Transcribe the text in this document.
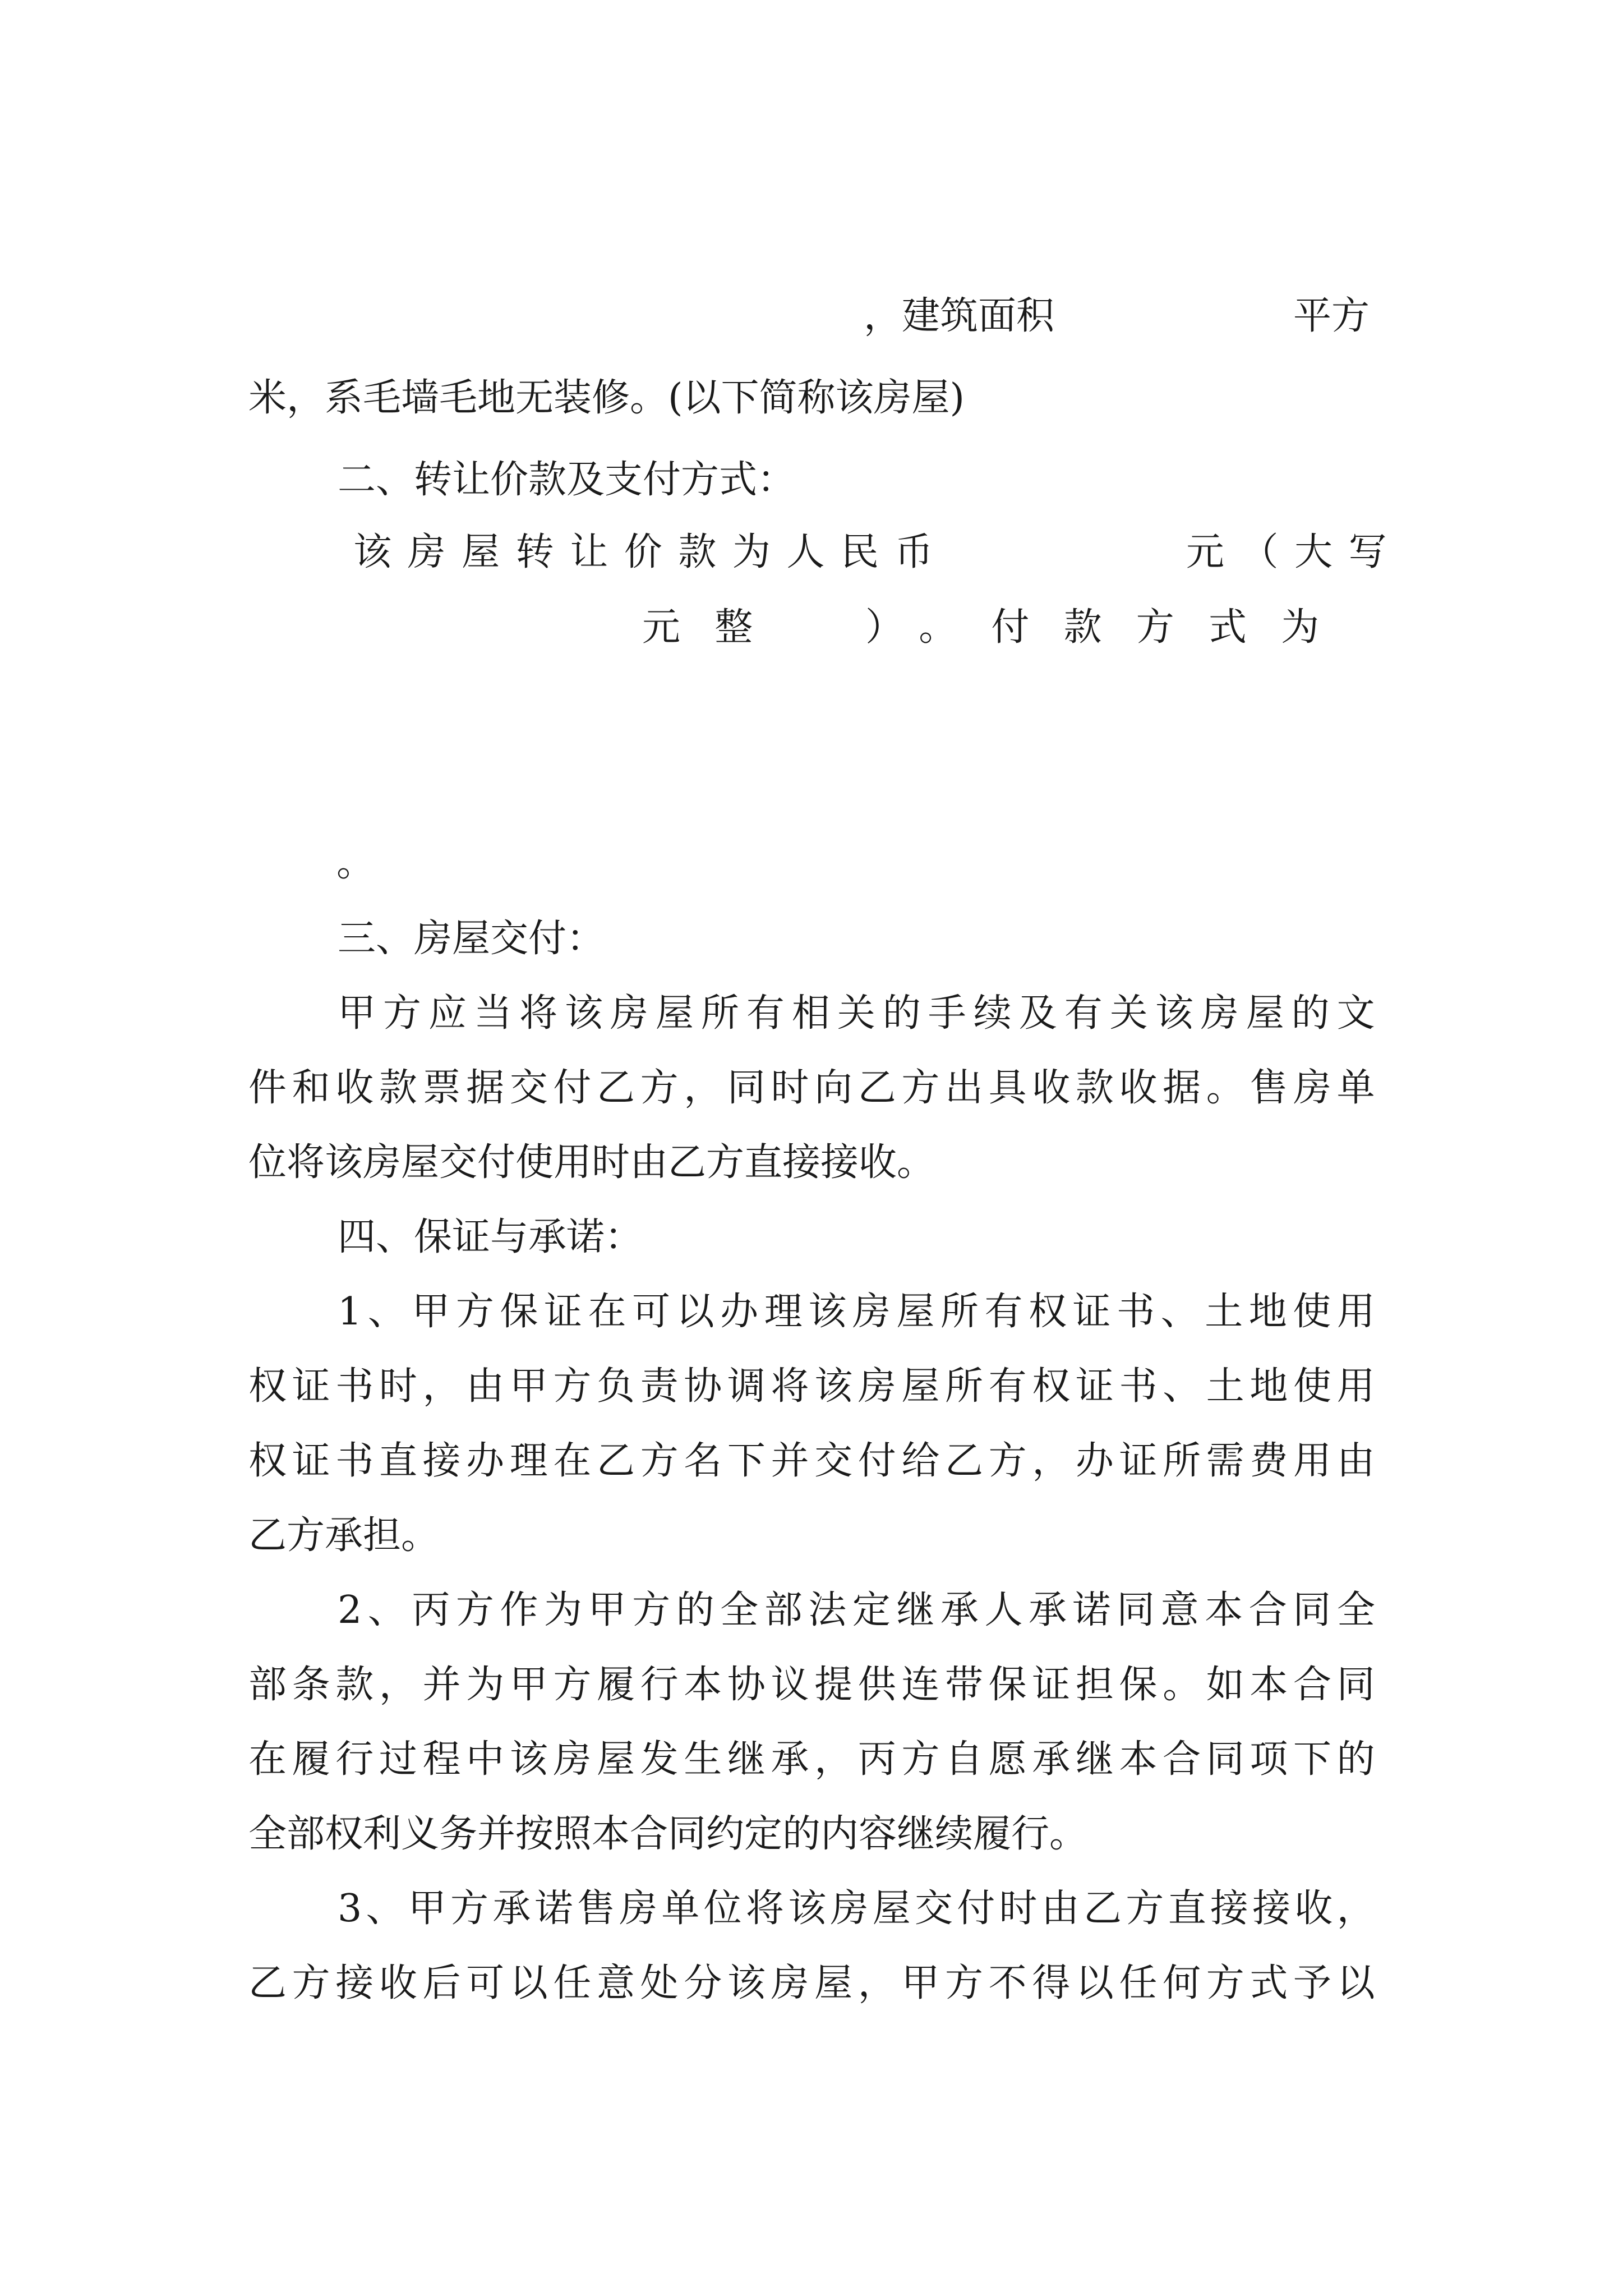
，建筑面积	平方
米，系毛墙毛地无装修。(以下简称该房屋)
二、转让价款及支付方式：
该房屋转让价款为人民币	元（大写
元整 ）。付款方式为
。
三、房屋交付：
甲 方 应 当 将 该 房 屋 所 有 相 关 的 手 续 及 有 关 该 房 屋 的 文
件 和 收 款 票 据 交 付 乙 方 ， 同 时 向 乙 方 出 具 收 款 收 据 。 售 房 单
位将该房屋交付使用时由乙方直接接收。
四、保证与承诺：
1 、 甲 方 保 证 在 可 以 办 理 该 房 屋 所 有 权 证 书 、 土 地 使 用
权 证 书 时 ， 由 甲 方 负 责 协 调 将 该 房 屋 所 有 权 证 书 、 土 地 使 用
权 证 书 直 接 办 理 在 乙 方 名 下 并 交 付 给 乙 方 ， 办 证 所 需 费 用 由
乙方承担。
2 、 丙 方 作 为 甲 方 的 全 部 法 定 继 承 人 承 诺 同 意 本 合 同 全
部 条 款 ， 并 为 甲 方 履 行 本 协 议 提 供 连 带 保 证 担 保 。 如 本 合 同
在 履 行 过 程 中 该 房 屋 发 生 继 承 ， 丙 方 自 愿 承 继 本 合 同 项 下 的
全部权利义务并按照本合同约定的内容继续履行。
3 、 甲 方 承 诺 售 房 单 位 将 该 房 屋 交 付 时 由 乙 方 直 接 接 收 ，
乙 方 接 收 后 可 以 任 意 处 分 该 房 屋 ， 甲 方 不 得 以 任 何 方 式 予 以
